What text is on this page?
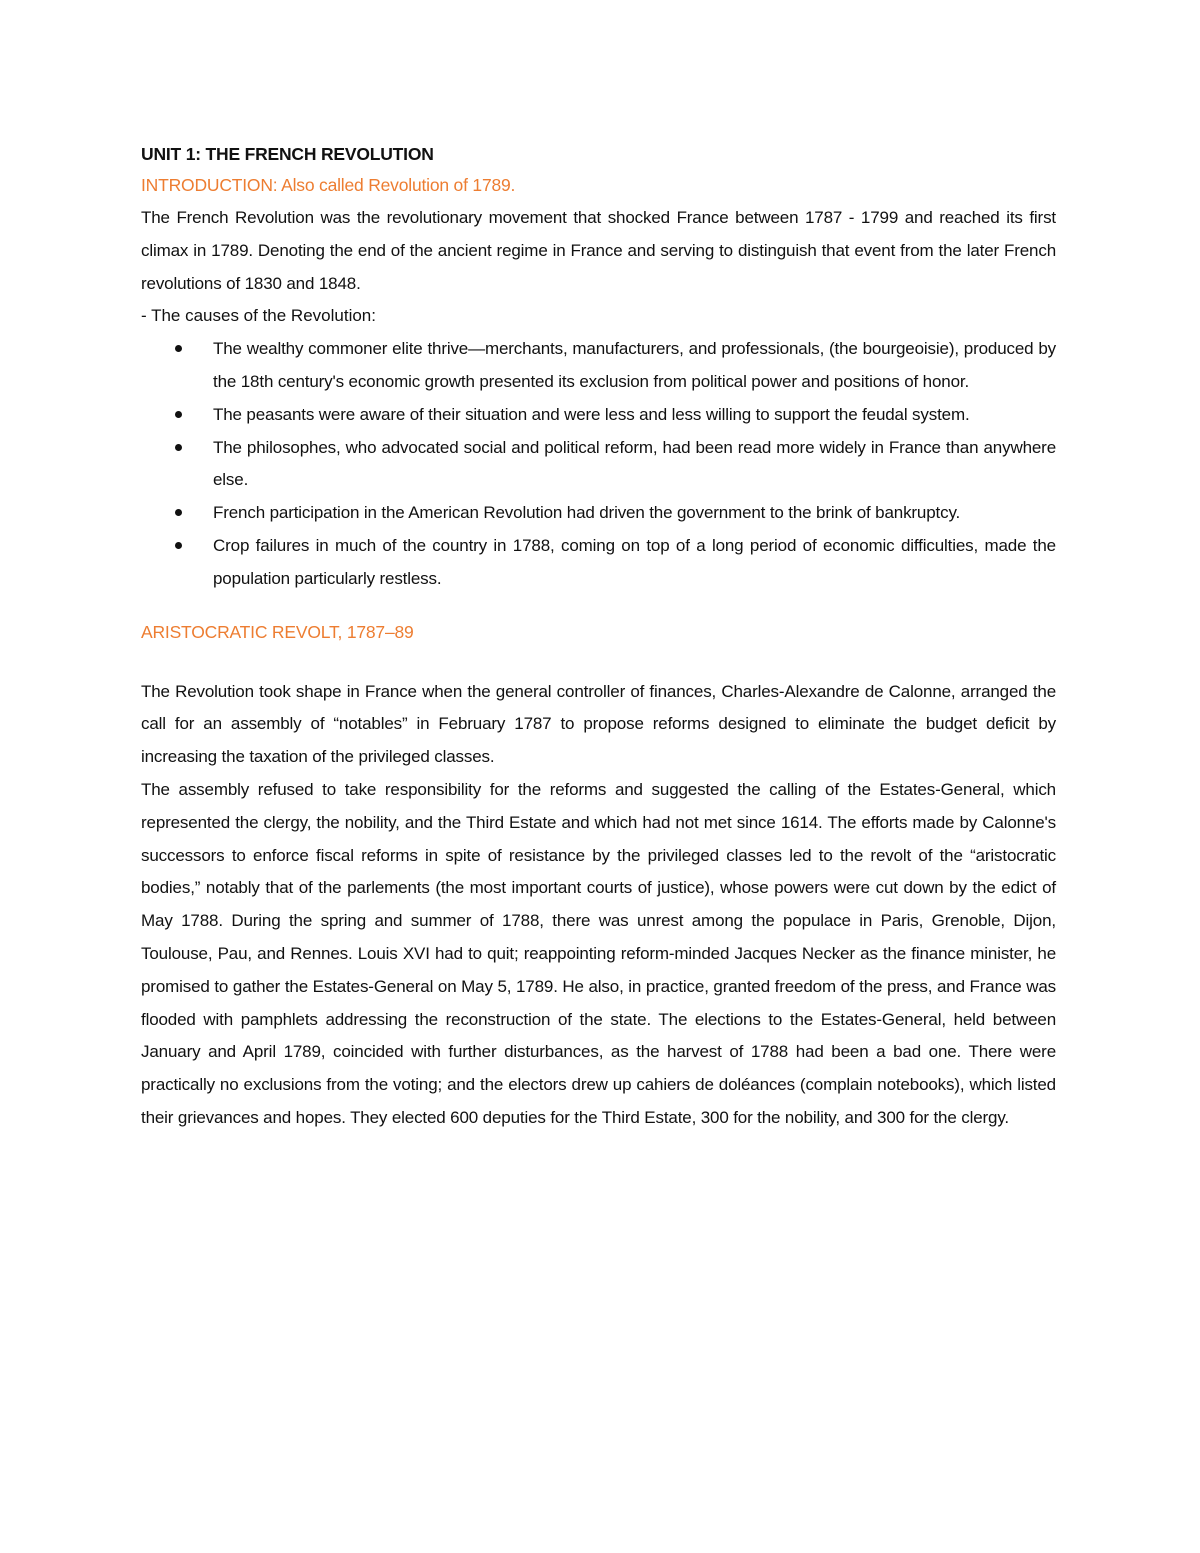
UNIT 1: THE FRENCH REVOLUTION
INTRODUCTION: Also called Revolution of 1789.

The French Revolution was the revolutionary movement that shocked France between 1787 - 1799 and reached its first climax in 1789. Denoting the end of the ancient regime in France and serving to distinguish that event from the later French revolutions of 1830 and 1848.

- The causes of the Revolution:

The wealthy commoner elite thrive—merchants, manufacturers, and professionals, (the bourgeoisie), produced by the 18th century's economic growth presented its exclusion from political power and positions of honor.
The peasants were aware of their situation and were less and less willing to support the feudal system.
The philosophes, who advocated social and political reform, had been read more widely in France than anywhere else.
French participation in the American Revolution had driven the government to the brink of bankruptcy.
Crop failures in much of the country in 1788, coming on top of a long period of economic difficulties, made the population particularly restless.
ARISTOCRATIC REVOLT, 1787–89

The Revolution took shape in France when the general controller of finances, Charles-Alexandre de Calonne, arranged the call for an assembly of “notables” in February 1787 to propose reforms designed to eliminate the budget deficit by increasing the taxation of the privileged classes.

The assembly refused to take responsibility for the reforms and suggested the calling of the Estates-General, which represented the clergy, the nobility, and the Third Estate and which had not met since 1614. The efforts made by Calonne's successors to enforce fiscal reforms in spite of resistance by the privileged classes led to the revolt of the “aristocratic bodies,” notably that of the parlements (the most important courts of justice), whose powers were cut down by the edict of May 1788. During the spring and summer of 1788, there was unrest among the populace in Paris, Grenoble, Dijon, Toulouse, Pau, and Rennes. Louis XVI had to quit; reappointing reform-minded Jacques Necker as the finance minister, he promised to gather the Estates-General on May 5, 1789. He also, in practice, granted freedom of the press, and France was flooded with pamphlets addressing the reconstruction of the state. The elections to the Estates-General, held between January and April 1789, coincided with further disturbances, as the harvest of 1788 had been a bad one. There were practically no exclusions from the voting; and the electors drew up cahiers de doléances (complain notebooks), which listed their grievances and hopes. They elected 600 deputies for the Third Estate, 300 for the nobility, and 300 for the clergy.
